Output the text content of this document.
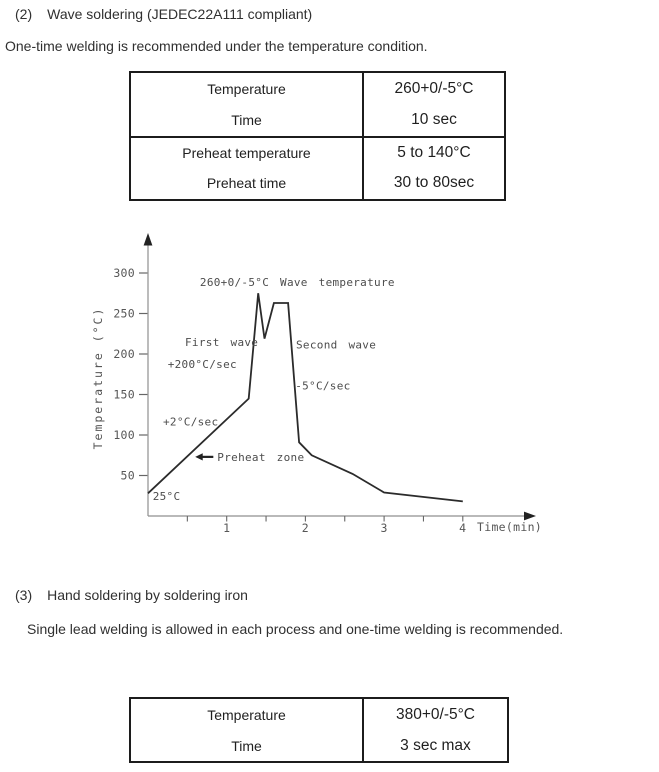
(2) Wave soldering (JEDEC22A111 compliant)
One-time welding is recommended under the temperature condition.
Temperature	260+0/-5°C
Time	10 sec
Preheat temperature	5 to 140°C
Preheat time	30 to 80sec
50
100
150
200
250
300
1	2	3	4 Time(min)
Temperature (°C)
260+0/-5°C Wave temperature
First wave
+200°C/sec
Second wave
-5°C/sec
+2°C/sec
Preheat zone
25°C
(3) Hand soldering by soldering iron
Single lead welding is allowed in each process and one-time welding is recommended.
Temperature	380+0/-5°C
Time	3 sec max
